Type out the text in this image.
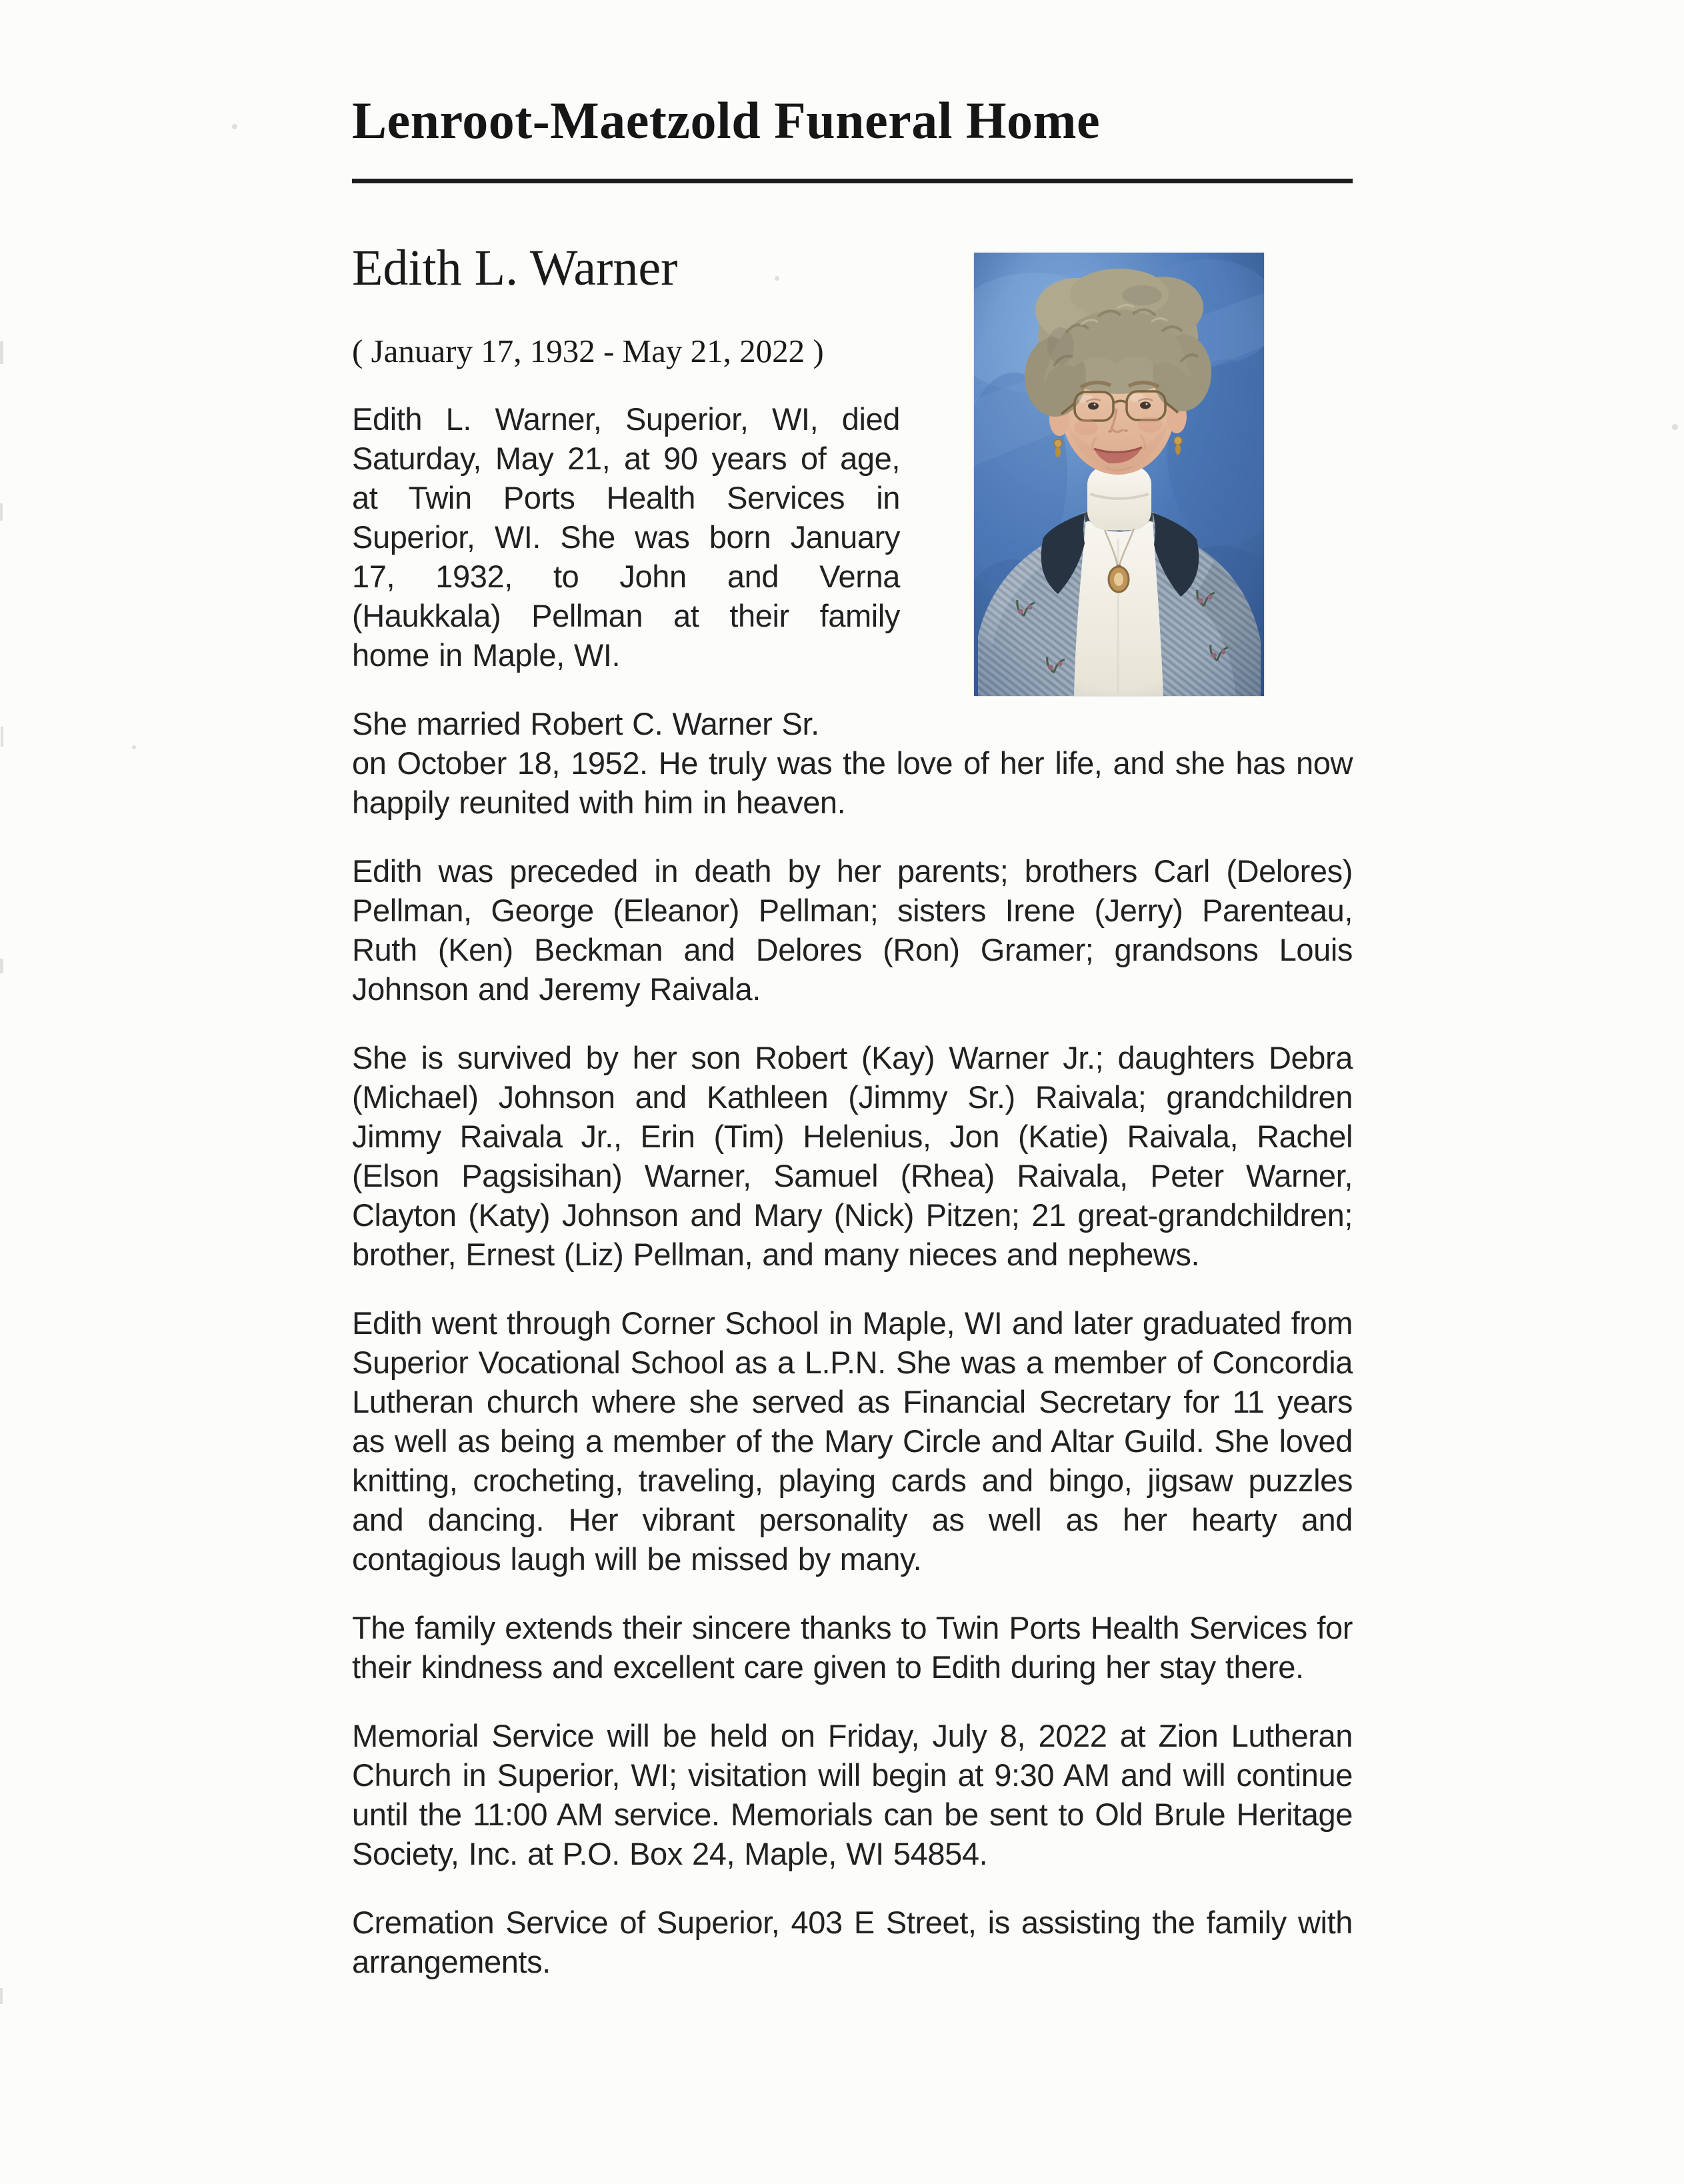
Lenroot-Maetzold Funeral Home
Edith L. Warner

( January 17, 1932 - May 21, 2022 )

Edith L. Warner, Superior, WI, died Saturday, May 21, at 90 years of age, at Twin Ports Health Services in Superior, WI. She was born January 17, 1932, to John and Verna (Haukkala) Pellman at their family home in Maple, WI.

She married Robert C. Warner Sr.
on October 18, 1952. He truly was the love of her life, and she has now happily reunited with him in heaven.

Edith was preceded in death by her parents; brothers Carl (Delores) Pellman, George (Eleanor) Pellman; sisters Irene (Jerry) Parenteau, Ruth (Ken) Beckman and Delores (Ron) Gramer; grandsons Louis Johnson and Jeremy Raivala.

She is survived by her son Robert (Kay) Warner Jr.; daughters Debra (Michael) Johnson and Kathleen (Jimmy Sr.) Raivala; grandchildren Jimmy Raivala Jr., Erin (Tim) Helenius, Jon (Katie) Raivala, Rachel (Elson Pagsisihan) Warner, Samuel (Rhea) Raivala, Peter Warner, Clayton (Katy) Johnson and Mary (Nick) Pitzen; 21 great-grandchildren; brother, Ernest (Liz) Pellman, and many nieces and nephews.

Edith went through Corner School in Maple, WI and later graduated from Superior Vocational School as a L.P.N. She was a member of Concordia Lutheran church where she served as Financial Secretary for 11 years as well as being a member of the Mary Circle and Altar Guild. She loved knitting, crocheting, traveling, playing cards and bingo, jigsaw puzzles and dancing. Her vibrant personality as well as her hearty and contagious laugh will be missed by many.

The family extends their sincere thanks to Twin Ports Health Services for their kindness and excellent care given to Edith during her stay there.

Memorial Service will be held on Friday, July 8, 2022 at Zion Lutheran Church in Superior, WI; visitation will begin at 9:30 AM and will continue until the 11:00 AM service. Memorials can be sent to Old Brule Heritage Society, Inc. at P.O. Box 24, Maple, WI 54854.

Cremation Service of Superior, 403 E Street, is assisting the family with arrangements.
